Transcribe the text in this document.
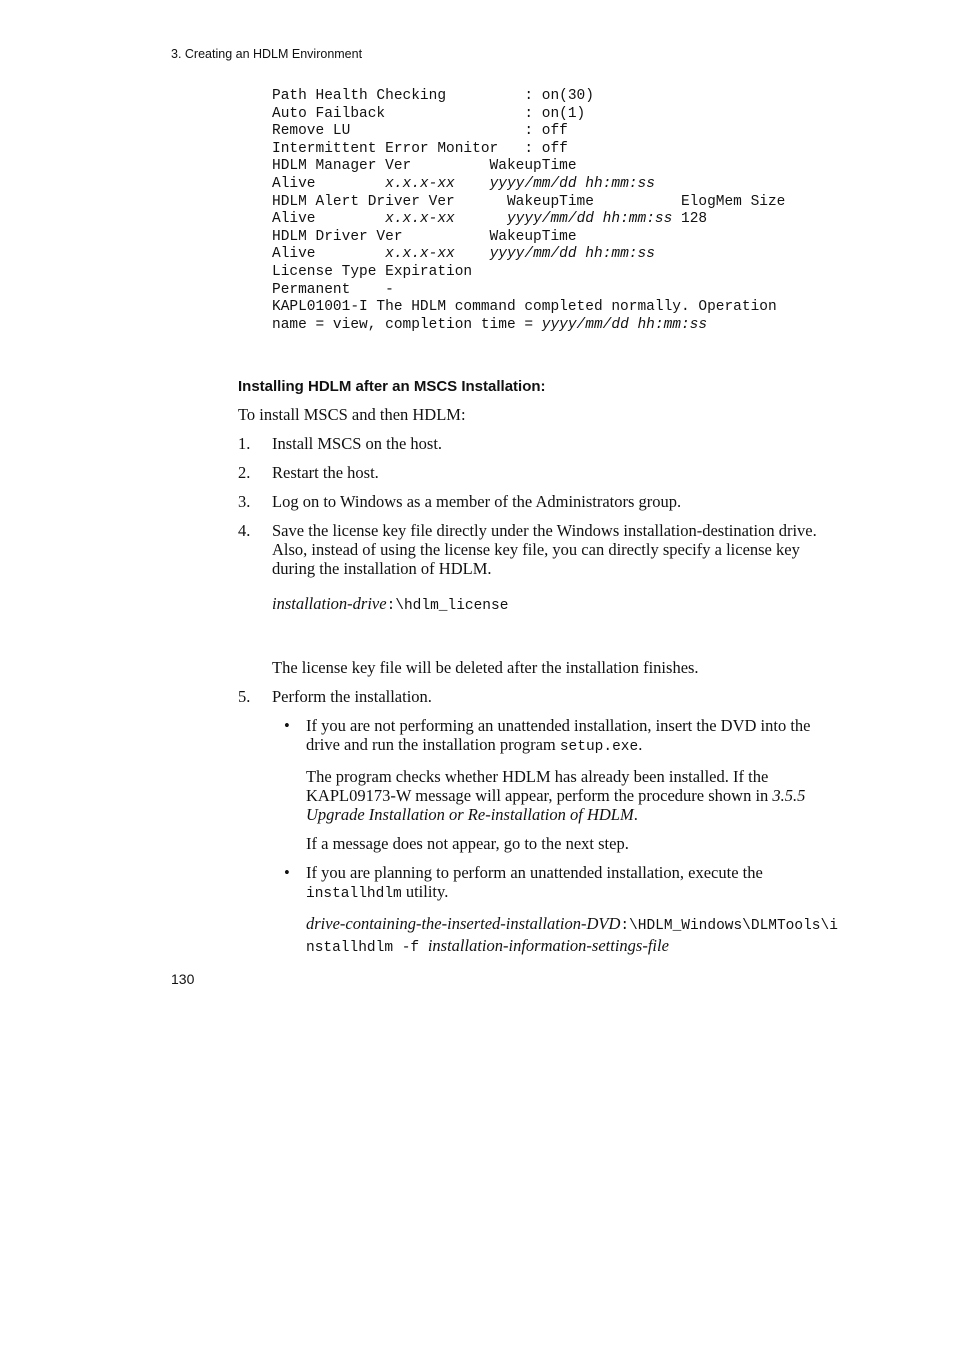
3. Creating an HDLM Environment
Path Health Checking         : on(30)
Auto Failback                : on(1)
Remove LU                    : off
Intermittent Error Monitor   : off
HDLM Manager Ver         WakeupTime
Alive        x.x.x-xx yyyy/mm/dd hh:mm:ss
HDLM Alert Driver Ver      WakeupTime          ElogMem Size
Alive        x.x.x-xx	yyyy/mm/dd hh:mm:ss 128
HDLM Driver Ver          WakeupTime
Alive        x.x.x-xx yyyy/mm/dd hh:mm:ss
License Type Expiration
Permanent    -
KAPL01001-I The HDLM command completed normally. Operation
name = view, completion time = yyyy/mm/dd hh:mm:ss
Installing HDLM after an MSCS Installation:
To install MSCS and then HDLM:
1. Install MSCS on the host.
2. Restart the host.
3. Log on to Windows as a member of the Administrators group.
4. Save the license key file directly under the Windows installation-destination drive. Also, instead of using the license key file, you can directly specify a license key during the installation of HDLM.
installation-drive:\hdlm_license
The license key file will be deleted after the installation finishes.
5. Perform the installation.
• If you are not performing an unattended installation, insert the DVD into the drive and run the installation program setup.exe.
The program checks whether HDLM has already been installed. If the KAPL09173-W message will appear, perform the procedure shown in 3.5.5 Upgrade Installation or Re-installation of HDLM.
If a message does not appear, go to the next step.
• If you are planning to perform an unattended installation, execute the installhdlm utility.
drive-containing-the-inserted-installation-DVD:\HDLM_Windows\DLMTools\installhdlm -f installation-information-settings-file
130
